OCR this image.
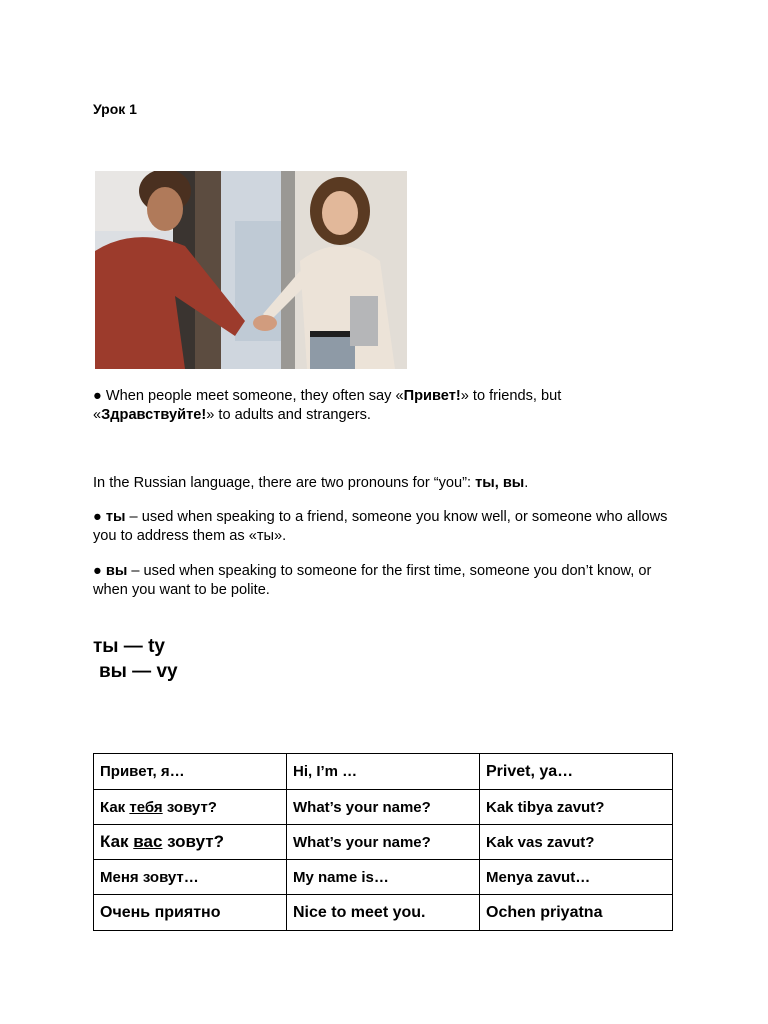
Урок 1
● When people meet someone, they often say «Привет!» to friends, but «Здравствуйте!» to adults and strangers.
In the Russian language, there are two pronouns for “you”: ты, вы.
● ты – used when speaking to a friend, someone you know well, or someone who allows you to address them as «ты».
● вы – used when speaking to someone for the first time, someone you don’t know, or when you want to be polite.
ты — ty
вы — vy
Привет, я…	Hi, I’m …	Privet, ya…
Как тебя зовут?	What’s your name?	Kak tibya zavut?
Как вас зовут?	What’s your name?	Kak vas zavut?
Меня зовут…	My name is…	Menya zavut…
Очень приятно	Nice to meet you.	Ochen priyatna
